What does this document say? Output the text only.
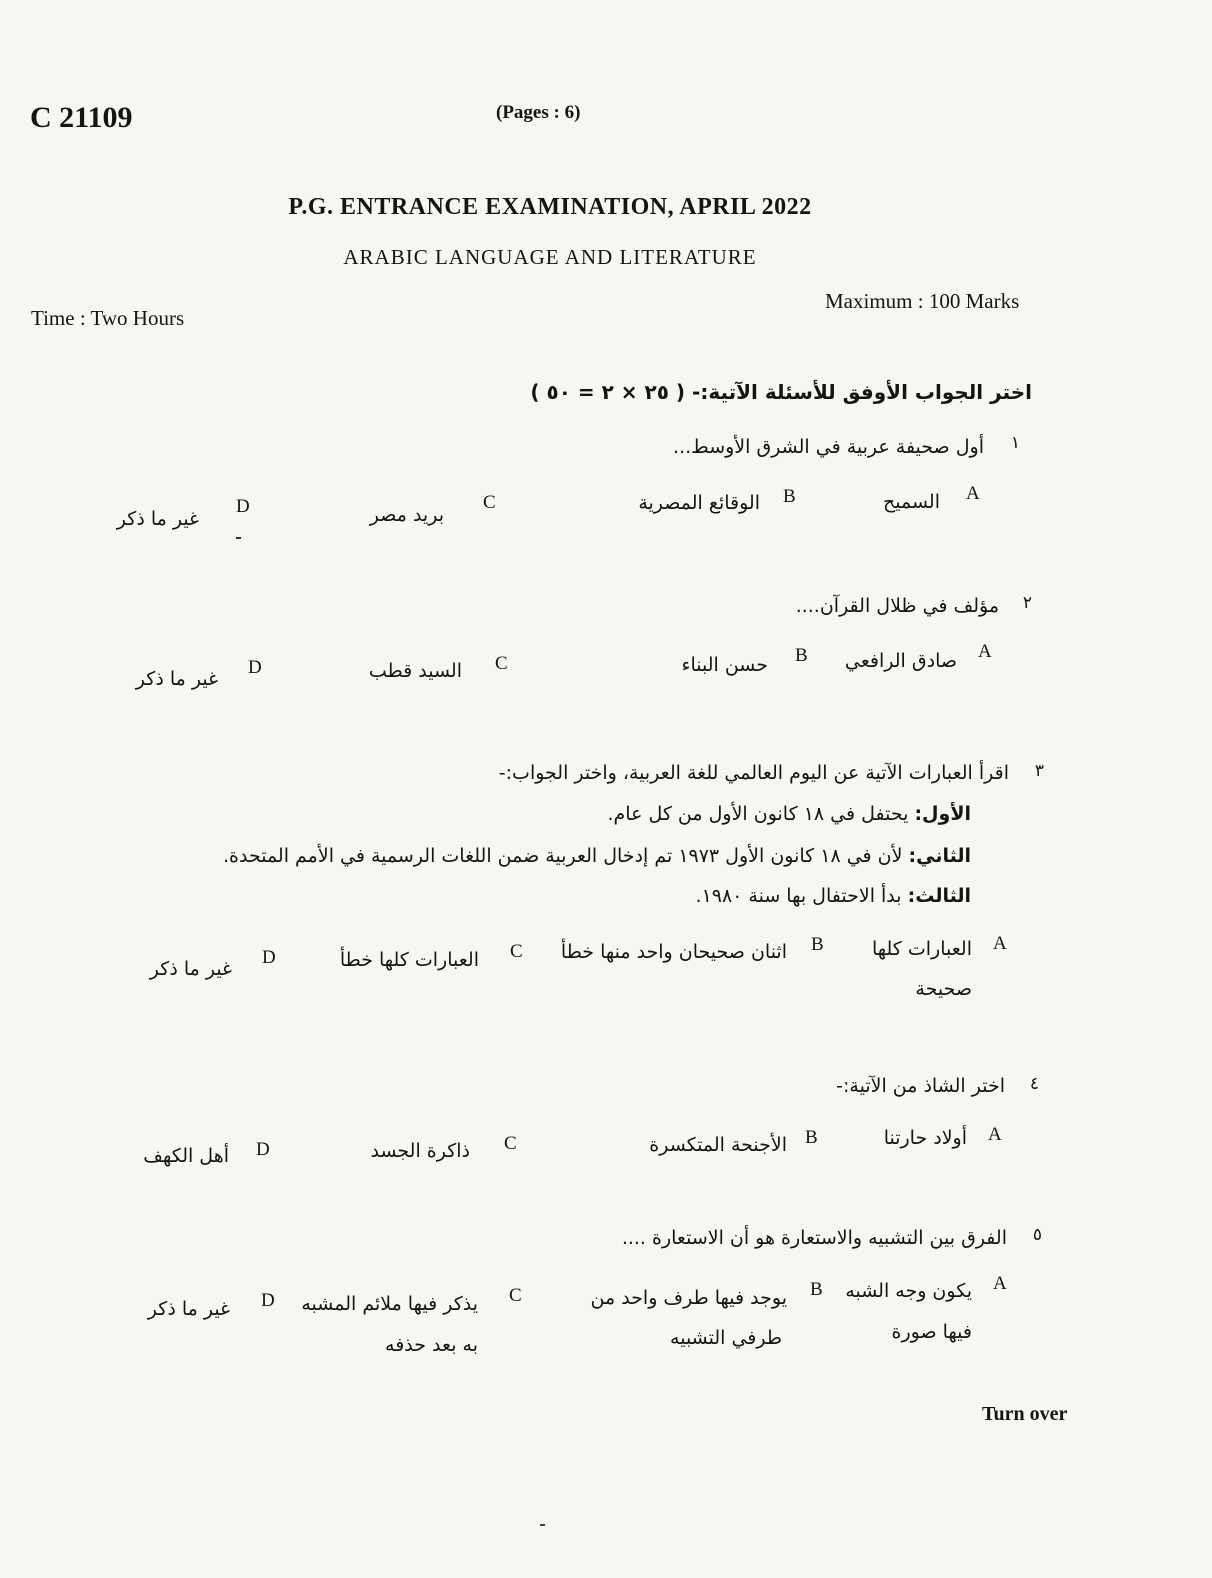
C 21109	(Pages : 6)
P.G. ENTRANCE EXAMINATION, APRIL 2022
ARABIC LANGUAGE AND LITERATURE
Maximum : 100 Marks
Time : Two Hours
اختر الجواب الأوفق للأسئلة الآتية:- ( ٢٥ × ٢ = ٥٠ )
١
أول صحيفة عربية في الشرق الأوسط...
A
السميح
B
الوقائع المصرية
C
بريد مصر
D
غير ما ذكر
٢
مؤلف في ظلال القرآن....
A
صادق الرافعي
B
حسن البناء
C
السيد قطب
D
غير ما ذكر
٣
اقرأ العبارات الآتية عن اليوم العالمي للغة العربية، واختر الجواب:-
الأول: يحتفل في ١٨ كانون الأول من كل عام.
الثاني: لأن في ١٨ كانون الأول ١٩٧٣ تم إدخال العربية ضمن اللغات الرسمية في الأمم المتحدة.
الثالث: بدأ الاحتفال بها سنة ١٩٨٠.
A
العبارات كلها
صحيحة
B
اثنان صحيحان واحد منها خطأ
C
العبارات كلها خطأ
D
غير ما ذكر
٤
اختر الشاذ من الآتية:-
A
أولاد حارتنا
B
الأجنحة المتكسرة
C
ذاكرة الجسد
D
أهل الكهف
٥
الفرق بين التشبيه والاستعارة هو أن الاستعارة ....
A
يكون وجه الشبه
فيها صورة
B
يوجد فيها طرف واحد من
طرفي التشبيه
C
يذكر فيها ملائم المشبه
به بعد حذفه
D
غير ما ذكر
Turn over
